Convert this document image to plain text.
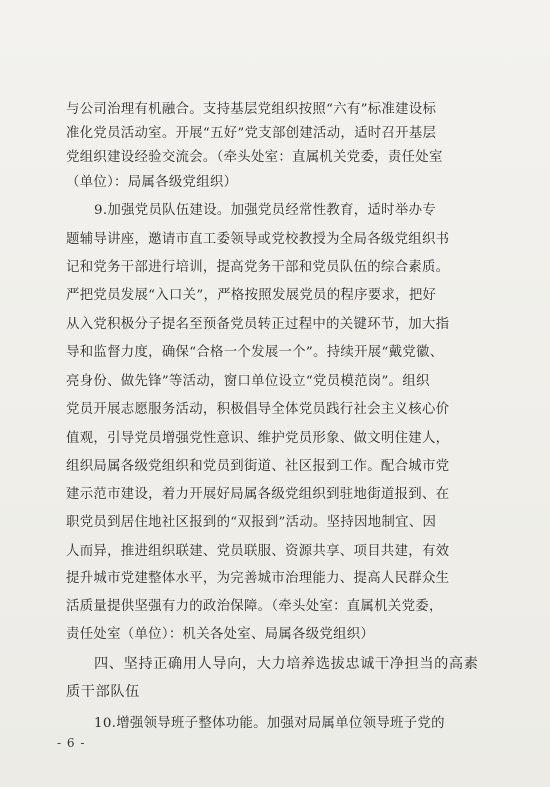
与公司治理有机融合。支持基层党组织按照“六有”标准建设标
准化党员活动室。开展“五好”党支部创建活动，适时召开基层
党组织建设经验交流会。（牵头处室：直属机关党委，责任处室
（单位）：局属各级党组织）
9.加强党员队伍建设。加强党员经常性教育，适时举办专
题辅导讲座，邀请市直工委领导或党校教授为全局各级党组织书
记和党务干部进行培训，提高党务干部和党员队伍的综合素质。
严把党员发展“入口关”，严格按照发展党员的程序要求，把好
从入党积极分子提名至预备党员转正过程中的关键环节，加大指
导和监督力度，确保“合格一个发展一个”。持续开展“戴党徽、
亮身份、做先锋”等活动，窗口单位设立“党员模范岗”。组织
党员开展志愿服务活动，积极倡导全体党员践行社会主义核心价
值观，引导党员增强党性意识、维护党员形象、做文明住建人，
组织局属各级党组织和党员到街道、社区报到工作。配合城市党
建示范市建设，着力开展好局属各级党组织到驻地街道报到、在
职党员到居住地社区报到的“双报到”活动。坚持因地制宜、因
人而异，推进组织联建、党员联服、资源共享、项目共建，有效
提升城市党建整体水平，为完善城市治理能力、提高人民群众生
活质量提供坚强有力的政治保障。（牵头处室：直属机关党委，
责任处室（单位）：机关各处室、局属各级党组织）
四、坚持正确用人导向，大力培养选拔忠诚干净担当的高素
质干部队伍
10.增强领导班子整体功能。加强对局属单位领导班子党的
- 6 -
